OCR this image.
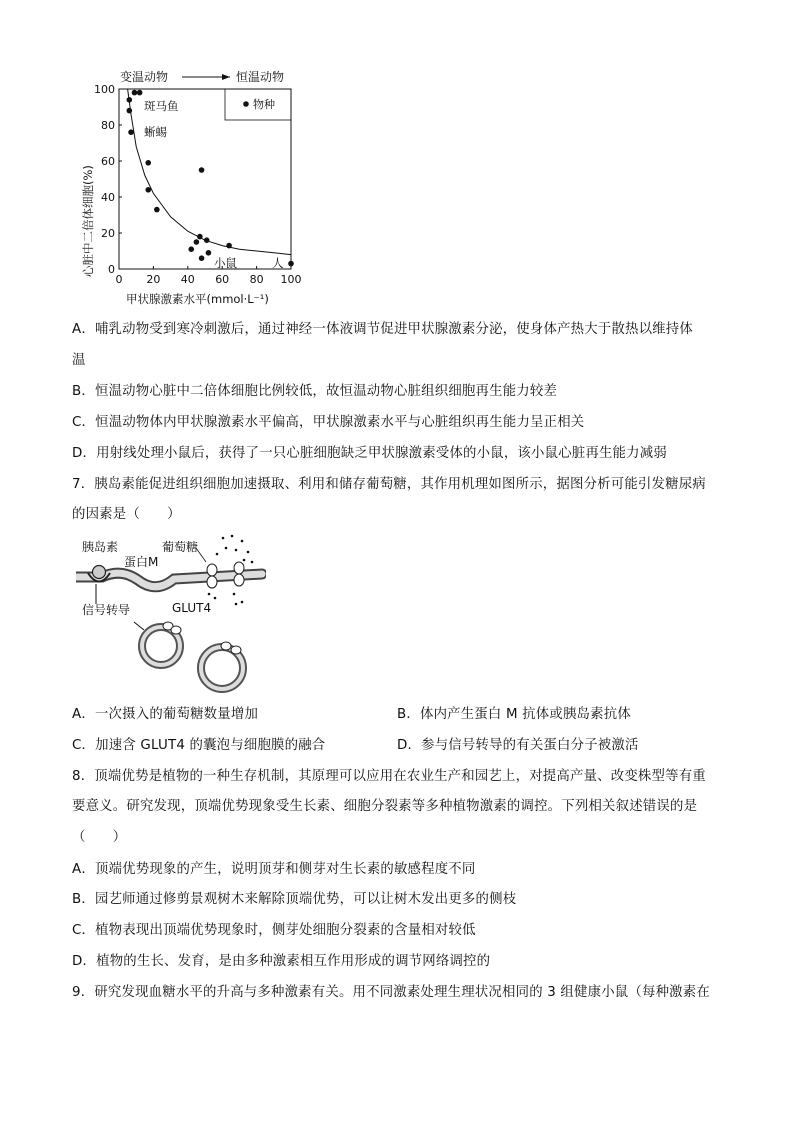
变温动物	恒温动物
物种
0
20
40
60
80
100
0 20 40 60 80 100
斑马鱼
蜥蜴
小鼠	人
心脏中二倍体细胞(%)
甲状腺激素水平(mmol·L⁻¹)
A．哺乳动物受到寒冷刺激后，通过神经一体液调节促进甲状腺激素分泌，使身体产热大于散热以维持体
温
B．恒温动物心脏中二倍体细胞比例较低，故恒温动物心脏组织细胞再生能力较差
C．恒温动物体内甲状腺激素水平偏高，甲状腺激素水平与心脏组织再生能力呈正相关
D．用射线处理小鼠后，获得了一只心脏细胞缺乏甲状腺激素受体的小鼠，该小鼠心脏再生能力减弱
7．胰岛素能促进组织细胞加速摄取、利用和储存葡萄糖，其作用机理如图所示，据图分析可能引发糖尿病
的因素是（　　）
胰岛素
蛋白M
葡萄糖
信号转导	GLUT4
A．一次摄入的葡萄糖数量增加	B．体内产生蛋白 M 抗体或胰岛素抗体
C．加速含 GLUT4 的囊泡与细胞膜的融合	D．参与信号转导的有关蛋白分子被激活
8．顶端优势是植物的一种生存机制，其原理可以应用在农业生产和园艺上，对提高产量、改变株型等有重
要意义。研究发现，顶端优势现象受生长素、细胞分裂素等多种植物激素的调控。下列相关叙述错误的是
（　　）
A．顶端优势现象的产生，说明顶芽和侧芽对生长素的敏感程度不同
B．园艺师通过修剪景观树木来解除顶端优势，可以让树木发出更多的侧枝
C．植物表现出顶端优势现象时，侧芽处细胞分裂素的含量相对较低
D．植物的生长、发育，是由多种激素相互作用形成的调节网络调控的
9．研究发现血糖水平的升高与多种激素有关。用不同激素处理生理状况相同的 3 组健康小鼠（每种激素在
